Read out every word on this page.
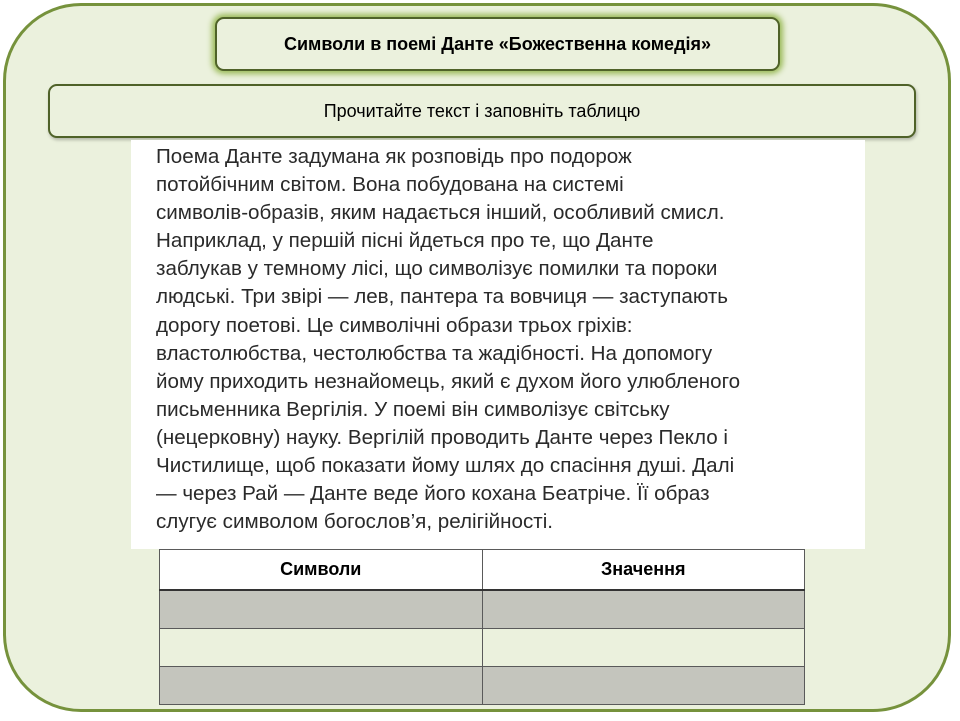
Символи в поемі Данте «Божественна комедія»
Прочитайте текст і заповніть таблицю
Поема Данте задумана як розповідь про подорож
потойбічним світом. Вона побудована на системі
символів-образів, яким надається інший, особливий смисл.
Наприклад, у першій пісні йдеться про те, що Данте
заблукав у темному лісі, що символізує помилки та пороки
людські. Три звірі — лев, пантера та вовчиця — заступають
дорогу поетові. Це символічні образи трьох гріхів:
властолюбства, честолюбства та жадібності. На допомогу
йому приходить незнайомець, який є духом його улюбленого
письменника Вергілія. У поемі він символізує світську
(нецерковну) науку. Вергілій проводить Данте через Пекло і
Чистилище, щоб показати йому шлях до спасіння душі. Далі
— через Рай — Данте веде його кохана Беатріче. Її образ
слугує символом богослов’я, релігійності.
Символи	Значення
